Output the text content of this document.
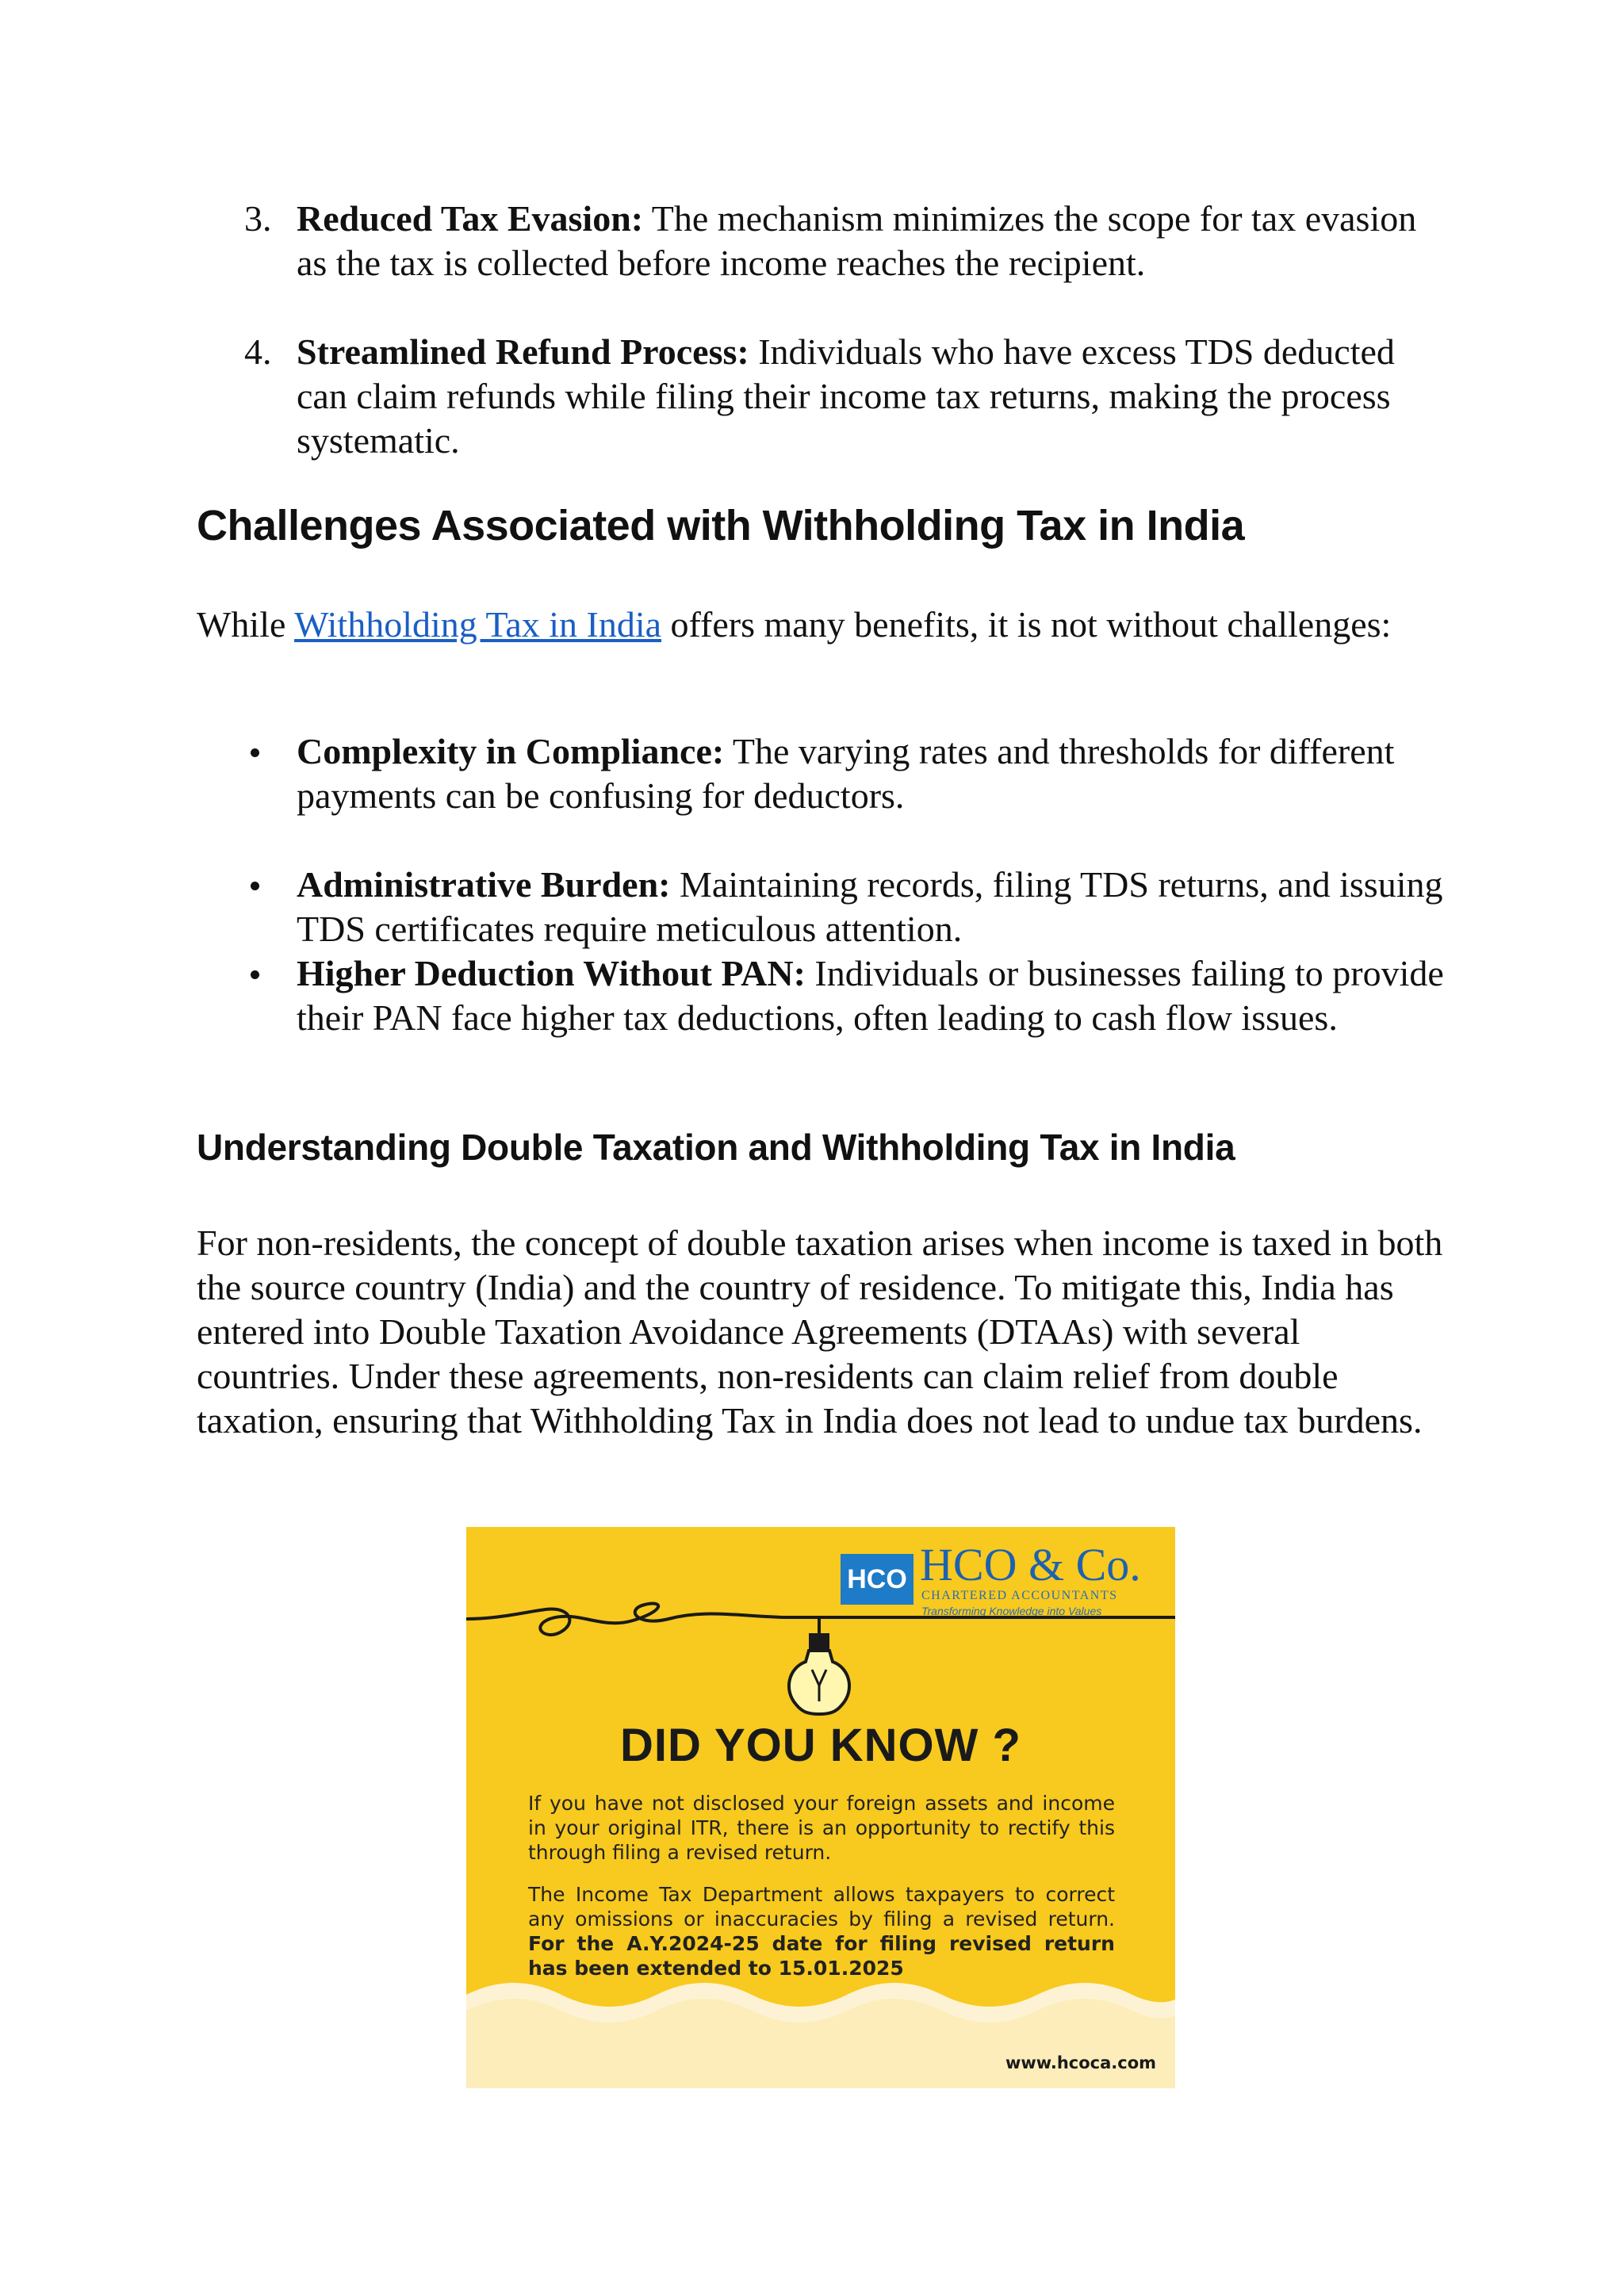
3. Reduced Tax Evasion: The mechanism minimizes the scope for tax evasion as the tax is collected before income reaches the recipient.
4. Streamlined Refund Process: Individuals who have excess TDS deducted can claim refunds while filing their income tax returns, making the process systematic.
Challenges Associated with Withholding Tax in India

While Withholding Tax in India offers many benefits, it is not without challenges:

Complexity in Compliance: The varying rates and thresholds for different payments can be confusing for deductors.
Administrative Burden: Maintaining records, filing TDS returns, and issuing TDS certificates require meticulous attention.
Higher Deduction Without PAN: Individuals or businesses failing to provide their PAN face higher tax deductions, often leading to cash flow issues.
Understanding Double Taxation and Withholding Tax in India

For non-residents, the concept of double taxation arises when income is taxed in both the source country (India) and the country of residence. To mitigate this, India has entered into Double Taxation Avoidance Agreements (DTAAs) with several countries. Under these agreements, non-residents can claim relief from double taxation, ensuring that Withholding Tax in India does not lead to undue tax burdens.

HCO HCO & Co.
CHARTERED ACCOUNTANTS
Transforming Knowledge into Values
DID YOU KNOW ?

If you have not disclosed your foreign assets and income in your original ITR, there is an opportunity to rectify this through filing a revised return.

The Income Tax Department allows taxpayers to correct any omissions or inaccuracies by filing a revised return. For the A.Y.2024-25 date for filing revised return has been extended to 15.01.2025

www.hcoca.com
